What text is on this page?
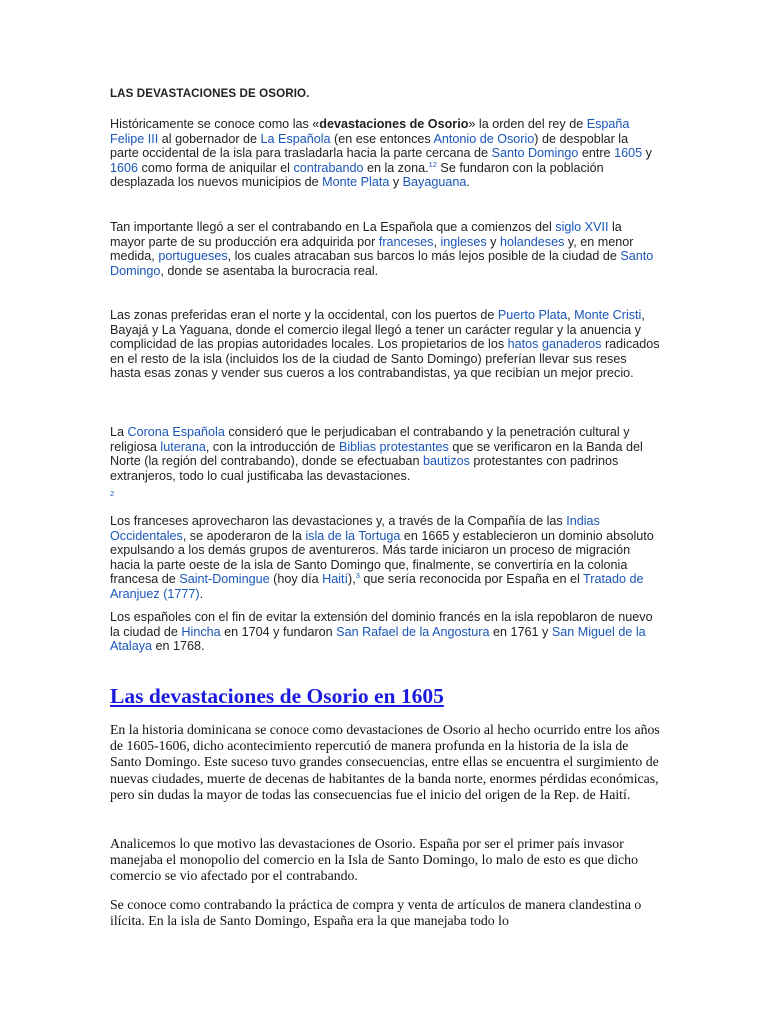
LAS DEVASTACIONES DE OSORIO.

Históricamente se conoce como las «devastaciones de Osorio» la orden del rey de España Felipe III al gobernador de La Española (en ese entonces Antonio de Osorio) de despoblar la parte occidental de la isla para trasladarla hacia la parte cercana de Santo Domingo entre 1605 y 1606 como forma de aniquilar el contrabando en la zona.$^{12}$ Se fundaron con la población desplazada los nuevos municipios de Monte Plata y Bayaguana.

Tan importante llegó a ser el contrabando en La Española que a comienzos del siglo XVII la mayor parte de su producción era adquirida por franceses, ingleses y holandeses y, en menor medida, portugueses, los cuales atracaban sus barcos lo más lejos posible de la ciudad de Santo Domingo, donde se asentaba la burocracia real.

Las zonas preferidas eran el norte y la occidental, con los puertos de Puerto Plata, Monte Cristi, Bayajá y La Yaguana, donde el comercio ilegal llegó a tener un carácter regular y la anuencia y complicidad de las propias autoridades locales. Los propietarios de los hatos ganaderos radicados en el resto de la isla (incluidos los de la ciudad de Santo Domingo) preferían llevar sus reses hasta esas zonas y vender sus cueros a los contrabandistas, ya que recibían un mejor precio.

La Corona Española consideró que le perjudicaban el contrabando y la penetración cultural y religiosa luterana, con la introducción de Biblias protestantes que se verificaron en la Banda del Norte (la región del contrabando), donde se efectuaban bautizos protestantes con padrinos extranjeros, todo lo cual justificaba las devastaciones.

2

Los franceses aprovecharon las devastaciones y, a través de la Compañía de las Indias Occidentales, se apoderaron de la isla de la Tortuga en 1665 y establecieron un dominio absoluto expulsando a los demás grupos de aventureros. Más tarde iniciaron un proceso de migración hacia la parte oeste de la isla de Santo Domingo que, finalmente, se convertiría en la colonia francesa de Saint-Domingue (hoy día Haití),$^3$ que sería reconocida por España en el Tratado de Aranjuez (1777).

Los españoles con el fin de evitar la extensión del dominio francés en la isla repoblaron de nuevo la ciudad de Hincha en 1704 y fundaron San Rafael de la Angostura en 1761 y San Miguel de la Atalaya en 1768.

Las devastaciones de Osorio en 1605

En la historia dominicana se conoce como devastaciones de Osorio al hecho ocurrido entre los años de 1605-1606, dicho acontecimiento repercutió de manera profunda en la historia de la isla de Santo Domingo. Este suceso tuvo grandes consecuencias, entre ellas se encuentra el surgimiento de nuevas ciudades, muerte de decenas de habitantes de la banda norte, enormes pérdidas económicas, pero sin dudas la mayor de todas las consecuencias fue el inicio del origen de la Rep. de Haití.

Analicemos lo que motivo las devastaciones de Osorio. España por ser el primer país invasor manejaba el monopolio del comercio en la Isla de Santo Domingo, lo malo de esto es que dicho comercio se vio afectado por el contrabando.

Se conoce como contrabando la práctica de compra y venta de artículos de manera clandestina o ilícita. En la isla de Santo Domingo, España era la que manejaba todo lo
